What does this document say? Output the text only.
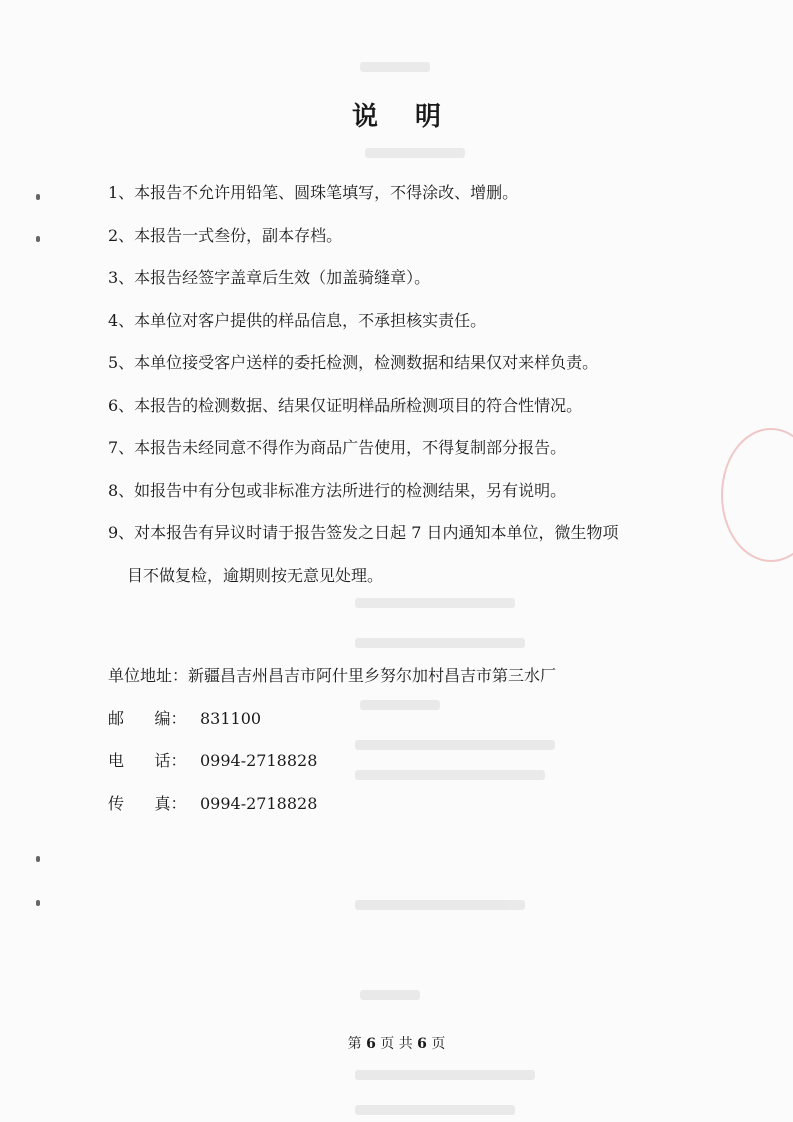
说 明
1、本报告不允许用铅笔、圆珠笔填写，不得涂改、增删。
2、本报告一式叁份，副本存档。
3、本报告经签字盖章后生效（加盖骑缝章）。
4、本单位对客户提供的样品信息，不承担核实责任。
5、本单位接受客户送样的委托检测，检测数据和结果仅对来样负责。
6、本报告的检测数据、结果仅证明样品所检测项目的符合性情况。
7、本报告未经同意不得作为商品广告使用，不得复制部分报告。
8、如报告中有分包或非标准方法所进行的检测结果，另有说明。
9、对本报告有异议时请于报告签发之日起 7 日内通知本单位，微生物项
目不做复检，逾期则按无意见处理。
单位地址：新疆昌吉州昌吉市阿什里乡努尔加村昌吉市第三水厂
邮      编： 831100
电      话： 0994-2718828
传      真： 0994-2718828
第 6 页 共 6 页
